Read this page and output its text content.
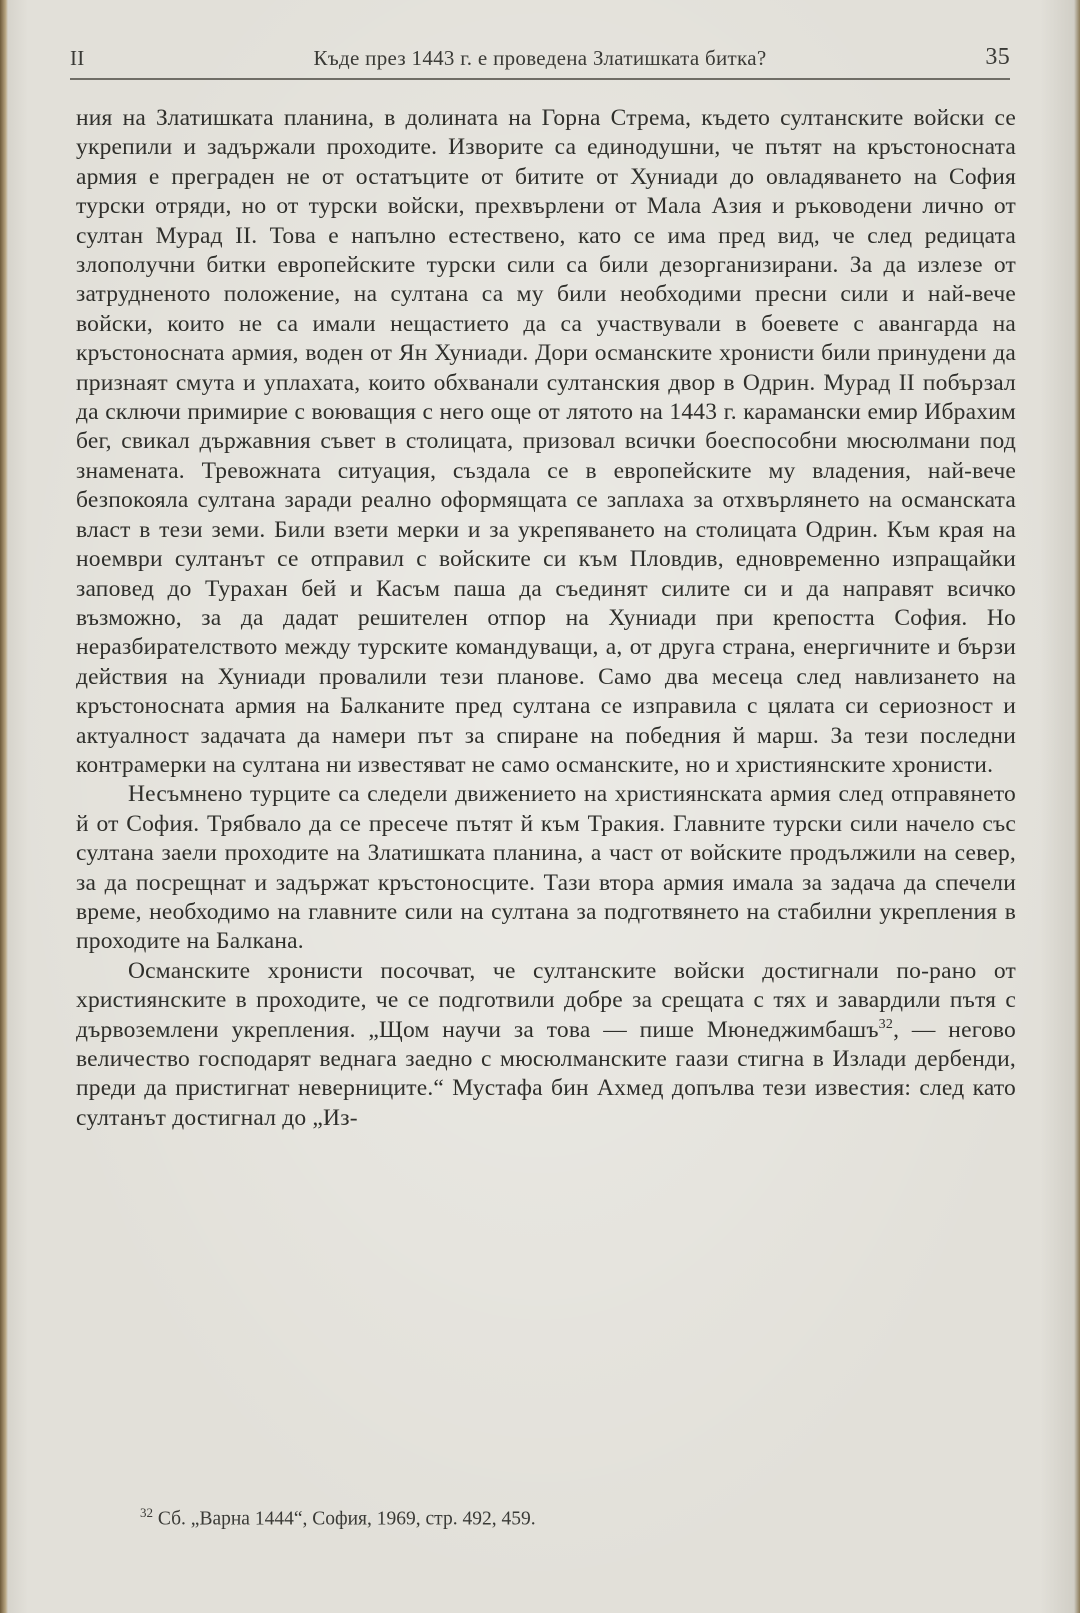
II	Къде през 1443 г. е проведена Златишката битка?	35

ния на Златишката планина, в долината на Горна Стрема, където султанските войски се укрепили и задържали проходите. Изворите са единодушни, че пътят на кръстоносната армия е преграден не от остатъците от битите от Хуниади до овладяването на София турски отряди, но от турски войски, прехвърлени от Мала Азия и ръководени лично от султан Мурад II. Това е напълно естествено, като се има пред вид, че след редицата злополучни битки европейските турски сили са били дезорганизирани. За да излезе от затрудненото положение, на султана са му били необходими пресни сили и най-вече войски, които не са имали нещастието да са участвували в боевете с авангарда на кръстоносната армия, воден от Ян Хуниади. Дори османските хронисти били принудени да признаят смута и уплахата, които обхванали султанския двор в Одрин. Мурад II побързал да сключи примирие с воюващия с него още от лятото на 1443 г. карамански емир Ибрахим бег, свикал държавния съвет в столицата, призовал всички боеспособни мюсюлмани под знамената. Тревожната ситуация, създала се в европейските му владения, най-вече безпокояла султана заради реално оформящата се заплаха за отхвърлянето на османската власт в тези земи. Били взети мерки и за укрепяването на столицата Одрин. Към края на ноември султанът се отправил с войските си към Пловдив, едновременно изпращайки заповед до Турахан бей и Касъм паша да съединят силите си и да направят всичко възможно, за да дадат решителен отпор на Хуниади при крепостта София. Но неразбирателството между турските командуващи, а, от друга страна, енергичните и бързи действия на Хуниади провалили тези планове. Само два месеца след навлизането на кръстоносната армия на Балканите пред султана се изправила с цялата си сериозност и актуалност задачата да намери път за спиране на победния й марш. За тези последни контрамерки на султана ни известяват не само османските, но и християнските хронисти.

Несъмнено турците са следели движението на християнската армия след отправянето й от София. Трябвало да се пресече пътят й към Тракия. Главните турски сили начело със султана заели проходите на Златишката планина, а част от войските продължили на север, за да посрещнат и задържат кръстоносците. Тази втора армия имала за задача да спечели време, необходимо на главните сили на султана за подготвянето на стабилни укрепления в проходите на Балкана.

Османските хронисти посочват, че султанските войски достигнали по-рано от християнските в проходите, че се подготвили добре за срещата с тях и завардили пътя с дървоземлени укрепления. „Щом научи за това — пише Мюнеджимбашъ$^{32}$, — негово величество господарят веднага заедно с мюсюлманските гаази стигна в Излади дербенди, преди да пристигнат неверниците.“ Мустафа бин Ахмед допълва тези известия: след като султанът достигнал до „Из-

$^{32}$ Сб. „Варна 1444“, София, 1969, стр. 492, 459.
